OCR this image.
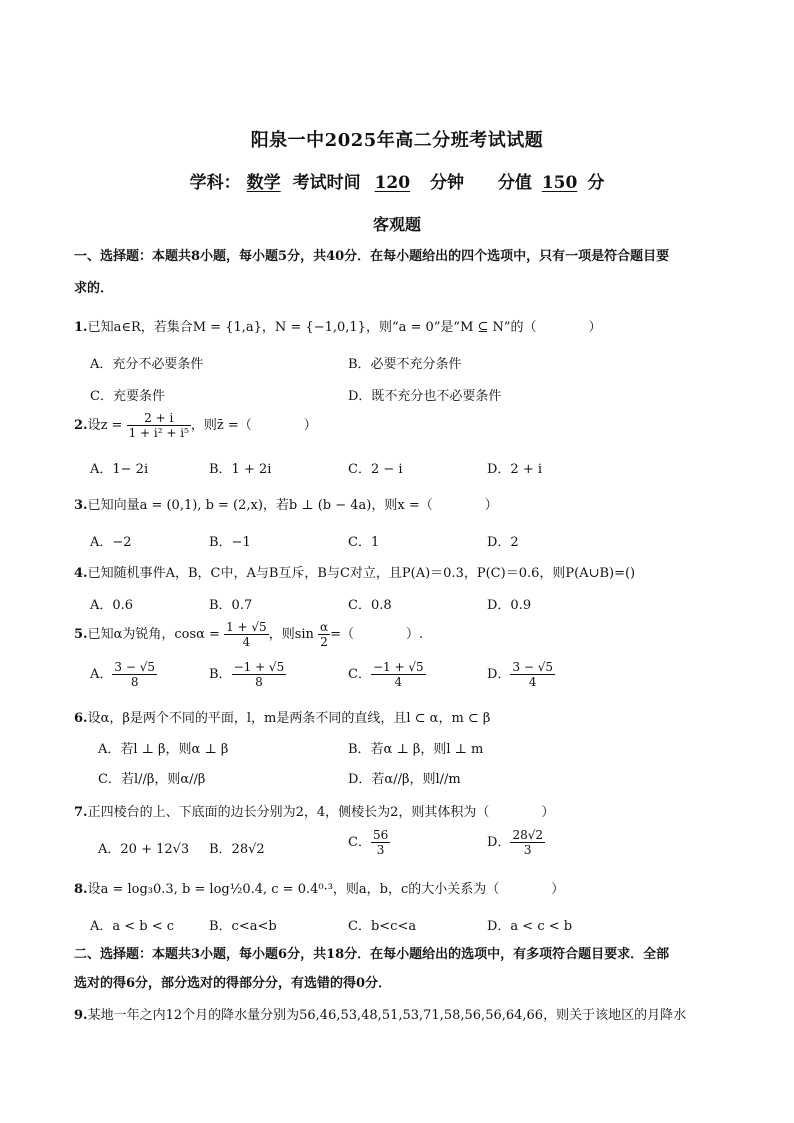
阳泉一中2025年高二分班考试试题
学科： 数学 考试时间 120 分钟 分值 150 分
客观题
一、选择题：本题共8小题，每小题5分，共40分．在每小题给出的四个选项中，只有一项是符合题目要
求的．
1.已知a∈R，若集合M = {1,a}，N = {−1,0,1}，则“a = 0”是“M ⊆ N”的（　　　　）
A．充分不必要条件	B．必要不充分条件
C．充要条件	D．既不充分也不必要条件
2.设$z = \frac{2 + i}{\text{1 + i² + i⁵}}$ ，则z̄ =（　　　　）
A．1− 2i	B．1 + 2i	C．2 − i	D．2 + i
3.已知向量a = (0,1), b = (2,x)，若b ⊥ (b − 4a)，则x =（　　　　）
A．−2	B．−1	C．1	D．2
4.已知随机事件A，B，C中，A与B互斥，B与C对立，且P(A)＝0.3，P(C)＝0.6，则P(A∪B)=()
A．0.6	B．0.7	C．0.8	D．0.9
5.已知α为锐角，$\cos\alpha = \frac{1 + √5}{4}$ ，则$\sin \frac{\alpha}{2}$ =（　　　　）.
A． $\frac{3 - √5}{8}$	B． $\frac{-1 + √5}{8}$	C． $\frac{-1 + √5}{4}$	D． $\frac{3 - √5}{4}$
6.设α，β是两个不同的平面，l，m是两条不同的直线，且l ⊂ α，m ⊂ β
A．若l ⊥ β，则α ⊥ β	B．若α ⊥ β，则l ⊥ m
C．若l//β，则α//β	D．若α//β，则l//m
7.正四棱台的上、下底面的边长分别为2，4，侧棱长为2，则其体积为（　　　　）
A．20 + 12√3 B．28√2	C． $\frac{56}{3}$	D． $\frac{28√2}{3}$
8.设a = log₃0.3, b = log½0.4, c = 0.4⁰·³，则a，b，c的大小关系为（　　　　）
A．a < b < c	B．c<a<b	C．b<c<a	D．a < c < b
二、选择题：本题共3小题，每小题6分，共18分．在每小题给出的选项中，有多项符合题目要求．全部
选对的得6分，部分选对的得部分分，有选错的得0分．
9.某地一年之内12个月的降水量分别为56,46,53,48,51,53,71,58,56,56,64,66，则关于该地区的月降水
